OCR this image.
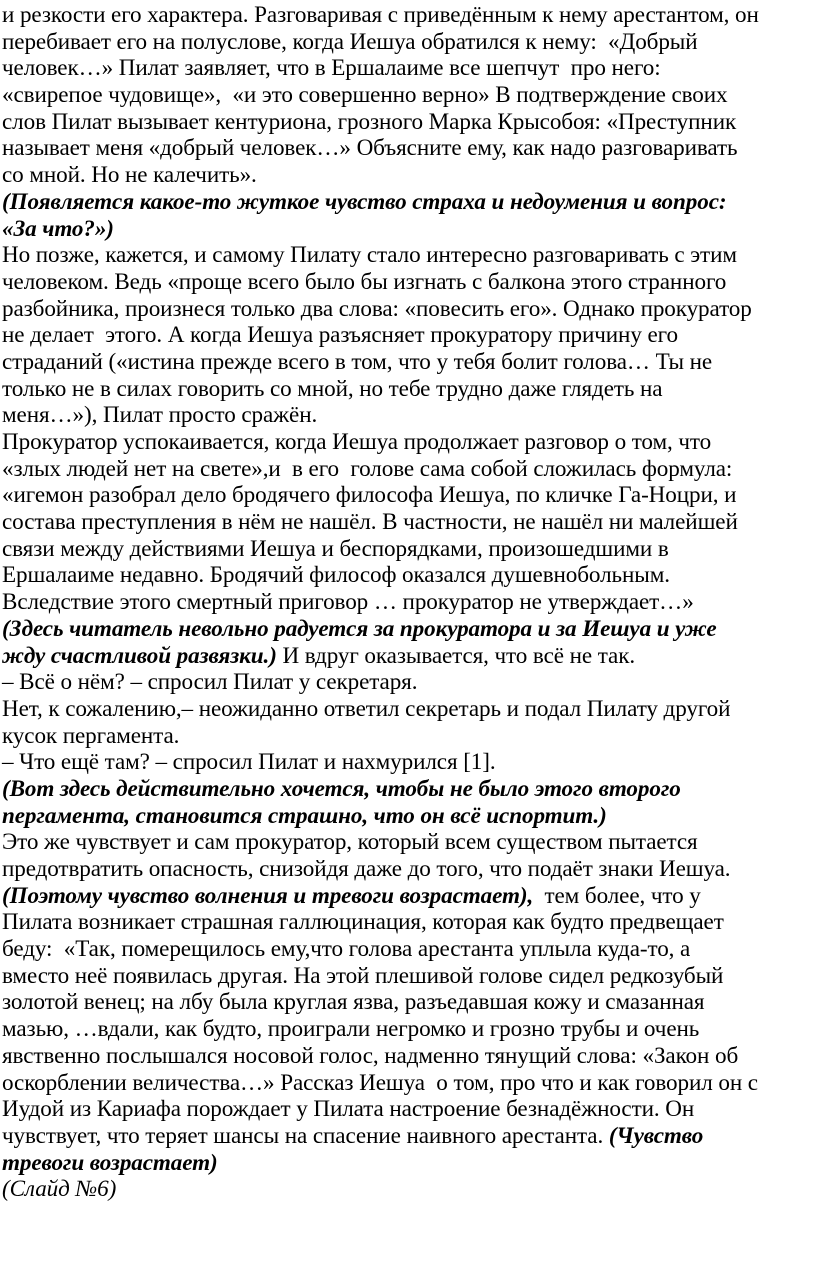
и резкости его характера. Разговаривая с приведённым к нему арестантом, он
перебивает его на полуслове, когда Иешуа обратился к нему:  «Добрый
человек…» Пилат заявляет, что в Ершалаиме все шепчут  про него:
«свирепое чудовище»,  «и это совершенно верно» В подтверждение своих
слов Пилат вызывает кентуриона, грозного Марка Крысобоя: «Преступник
называет меня «добрый человек…» Объясните ему, как надо разговаривать
со мной. Но не калечить».
(Появляется какое-то жуткое чувство страха и недоумения и вопрос:
«За что?»)
Но позже, кажется, и самому Пилату стало интересно разговаривать с этим
человеком. Ведь «проще всего было бы изгнать с балкона этого странного
разбойника, произнеся только два слова: «повесить его». Однако прокуратор
не делает  этого. А когда Иешуа разъясняет прокуратору причину его
страданий («истина прежде всего в том, что у тебя болит голова… Ты не
только не в силах говорить со мной, но тебе трудно даже глядеть на
меня…»), Пилат просто сражён.
Прокуратор успокаивается, когда Иешуа продолжает разговор о том, что
«злых людей нет на свете»,и  в его  голове сама собой сложилась формула:
«игемон разобрал дело бродячего философа Иешуа, по кличке Га-Ноцри, и
состава преступления в нём не нашёл. В частности, не нашёл ни малейшей
связи между действиями Иешуа и беспорядками, произошедшими в
Ершалаиме недавно. Бродячий философ оказался душевнобольным.
Вследствие этого смертный приговор … прокуратор не утверждает…»
(Здесь читатель невольно радуется за прокуратора и за Иешуа и уже
жду счастливой развязки.) И вдруг оказывается, что всё не так.
– Всё о нём? – спросил Пилат у секретаря.
Нет, к сожалению,– неожиданно ответил секретарь и подал Пилату другой
кусок пергамента.
– Что ещё там? – спросил Пилат и нахмурился [1].
(Вот здесь действительно хочется, чтобы не было этого второго
пергамента, становится страшно, что он всё испортит.)
Это же чувствует и сам прокуратор, который всем существом пытается
предотвратить опасность, снизойдя даже до того, что подаёт знаки Иешуа.
(Поэтому чувство волнения и тревоги возрастает),  тем более, что у
Пилата возникает страшная галлюцинация, которая как будто предвещает
беду:  «Так, померещилось ему,что голова арестанта уплыла куда-то, а
вместо неё появилась другая. На этой плешивой голове сидел редкозубый
золотой венец; на лбу была круглая язва, разъедавшая кожу и смазанная
мазью, …вдали, как будто, проиграли негромко и грозно трубы и очень
явственно послышался носовой голос, надменно тянущий слова: «Закон об
оскорблении величества…» Рассказ Иешуа  о том, про что и как говорил он с
Иудой из Кариафа порождает у Пилата настроение безнадёжности. Он
чувствует, что теряет шансы на спасение наивного арестанта. (Чувство
тревоги возрастает)
(Слайд №6)
